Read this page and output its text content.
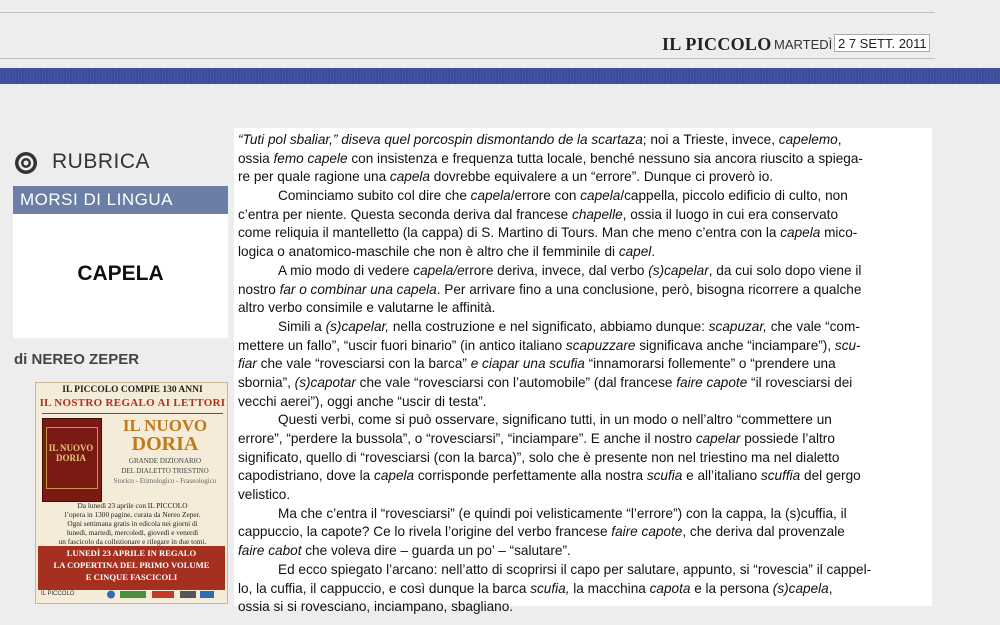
IL PICCOLO MARTEDÌ 2 7 SETT. 2011
RUBRICA
MORSI DI LINGUA
CAPELA
di NEREO ZEPER
IL PICCOLO COMPIE 130 ANNI
IL NOSTRO REGALO AI LETTORI
IL NUOVO DORIA
IL NUOVO
DORIA
GRANDE DIZIONARIO
DEL DIALETTO TRIESTINO
Storico - Etimologico - Fraseologico
Da lunedì 23 aprile con IL PICCOLO
l’opera in 1300 pagine, curata da Nereo Zeper.
Ogni settimana gratis in edicola nei giorni di
lunedì, martedì, mercoledì, giovedì e venerdì
un fascicolo da collezionare e rilegare in due tomi.
LUNEDÌ 23 APRILE IN REGALO
LA COPERTINA DEL PRIMO VOLUME
E CINQUE FASCICOLI
IL PICCOLO
“Tuti pol sbaliar,” diseva quel porcospin dismontando de la scartaza; noi a Trieste, invece, capelemo,
ossia femo capele con insistenza e frequenza tutta locale, benché nessuno sia ancora riuscito a spiega-
re per quale ragione una capela dovrebbe equivalere a un “errore”. Dunque ci proverò io.
Cominciamo subito col dire che capela/errore con capela/cappella, piccolo edificio di culto, non
c’entra per niente. Questa seconda deriva dal francese chapelle, ossia il luogo in cui era conservato
come reliquia il mantelletto (la cappa) di S. Martino di Tours. Man che meno c’entra con la capela mico-
logica o anatomico-maschile che non è altro che il femminile di capel.
A mio modo di vedere capela/errore deriva, invece, dal verbo (s)capelar, da cui solo dopo viene il
nostro far o combinar una capela. Per arrivare fino a una conclusione, però, bisogna ricorrere a qualche
altro verbo consimile e valutarne le affinità.
Simili a (s)capelar, nella costruzione e nel significato, abbiamo dunque: scapuzar, che vale “com-
mettere un fallo”, “uscir fuori binario” (in antico italiano scapuzzare significava anche “inciampare”), scu-
fiar che vale “rovesciarsi con la barca” e ciapar una scufia “innamorarsi follemente” o “prendere una
sbornia”, (s)capotar che vale “rovesciarsi con l’automobile” (dal francese faire capote “il rovesciarsi dei
vecchi aerei”), oggi anche “uscir di testa”.
Questi verbi, come si può osservare, significano tutti, in un modo o nell’altro “commettere un
errore”, “perdere la bussola”, o “rovesciarsi”, “inciampare”. E anche il nostro capelar possiede l’altro
significato, quello di “rovesciarsi (con la barca)”, solo che è presente non nel triestino ma nel dialetto
capodistriano, dove la capela corrisponde perfettamente alla nostra scufia e all’italiano scuffia del gergo
velistico.
Ma che c’entra il “rovesciarsi” (e quindi poi velisticamente “l’errore”) con la cappa, la (s)cuffia, il
cappuccio, la capote? Ce lo rivela l’origine del verbo francese faire capote, che deriva dal provenzale
faire cabot che voleva dire – guarda un po’ – “salutare”.
Ed ecco spiegato l’arcano: nell’atto di scoprirsi il capo per salutare, appunto, si “rovescia” il cappel-
lo, la cuffia, il cappuccio, e così dunque la barca scufia, la macchina capota e la persona (s)capela,
ossia si si rovesciano, inciampano, sbagliano.
